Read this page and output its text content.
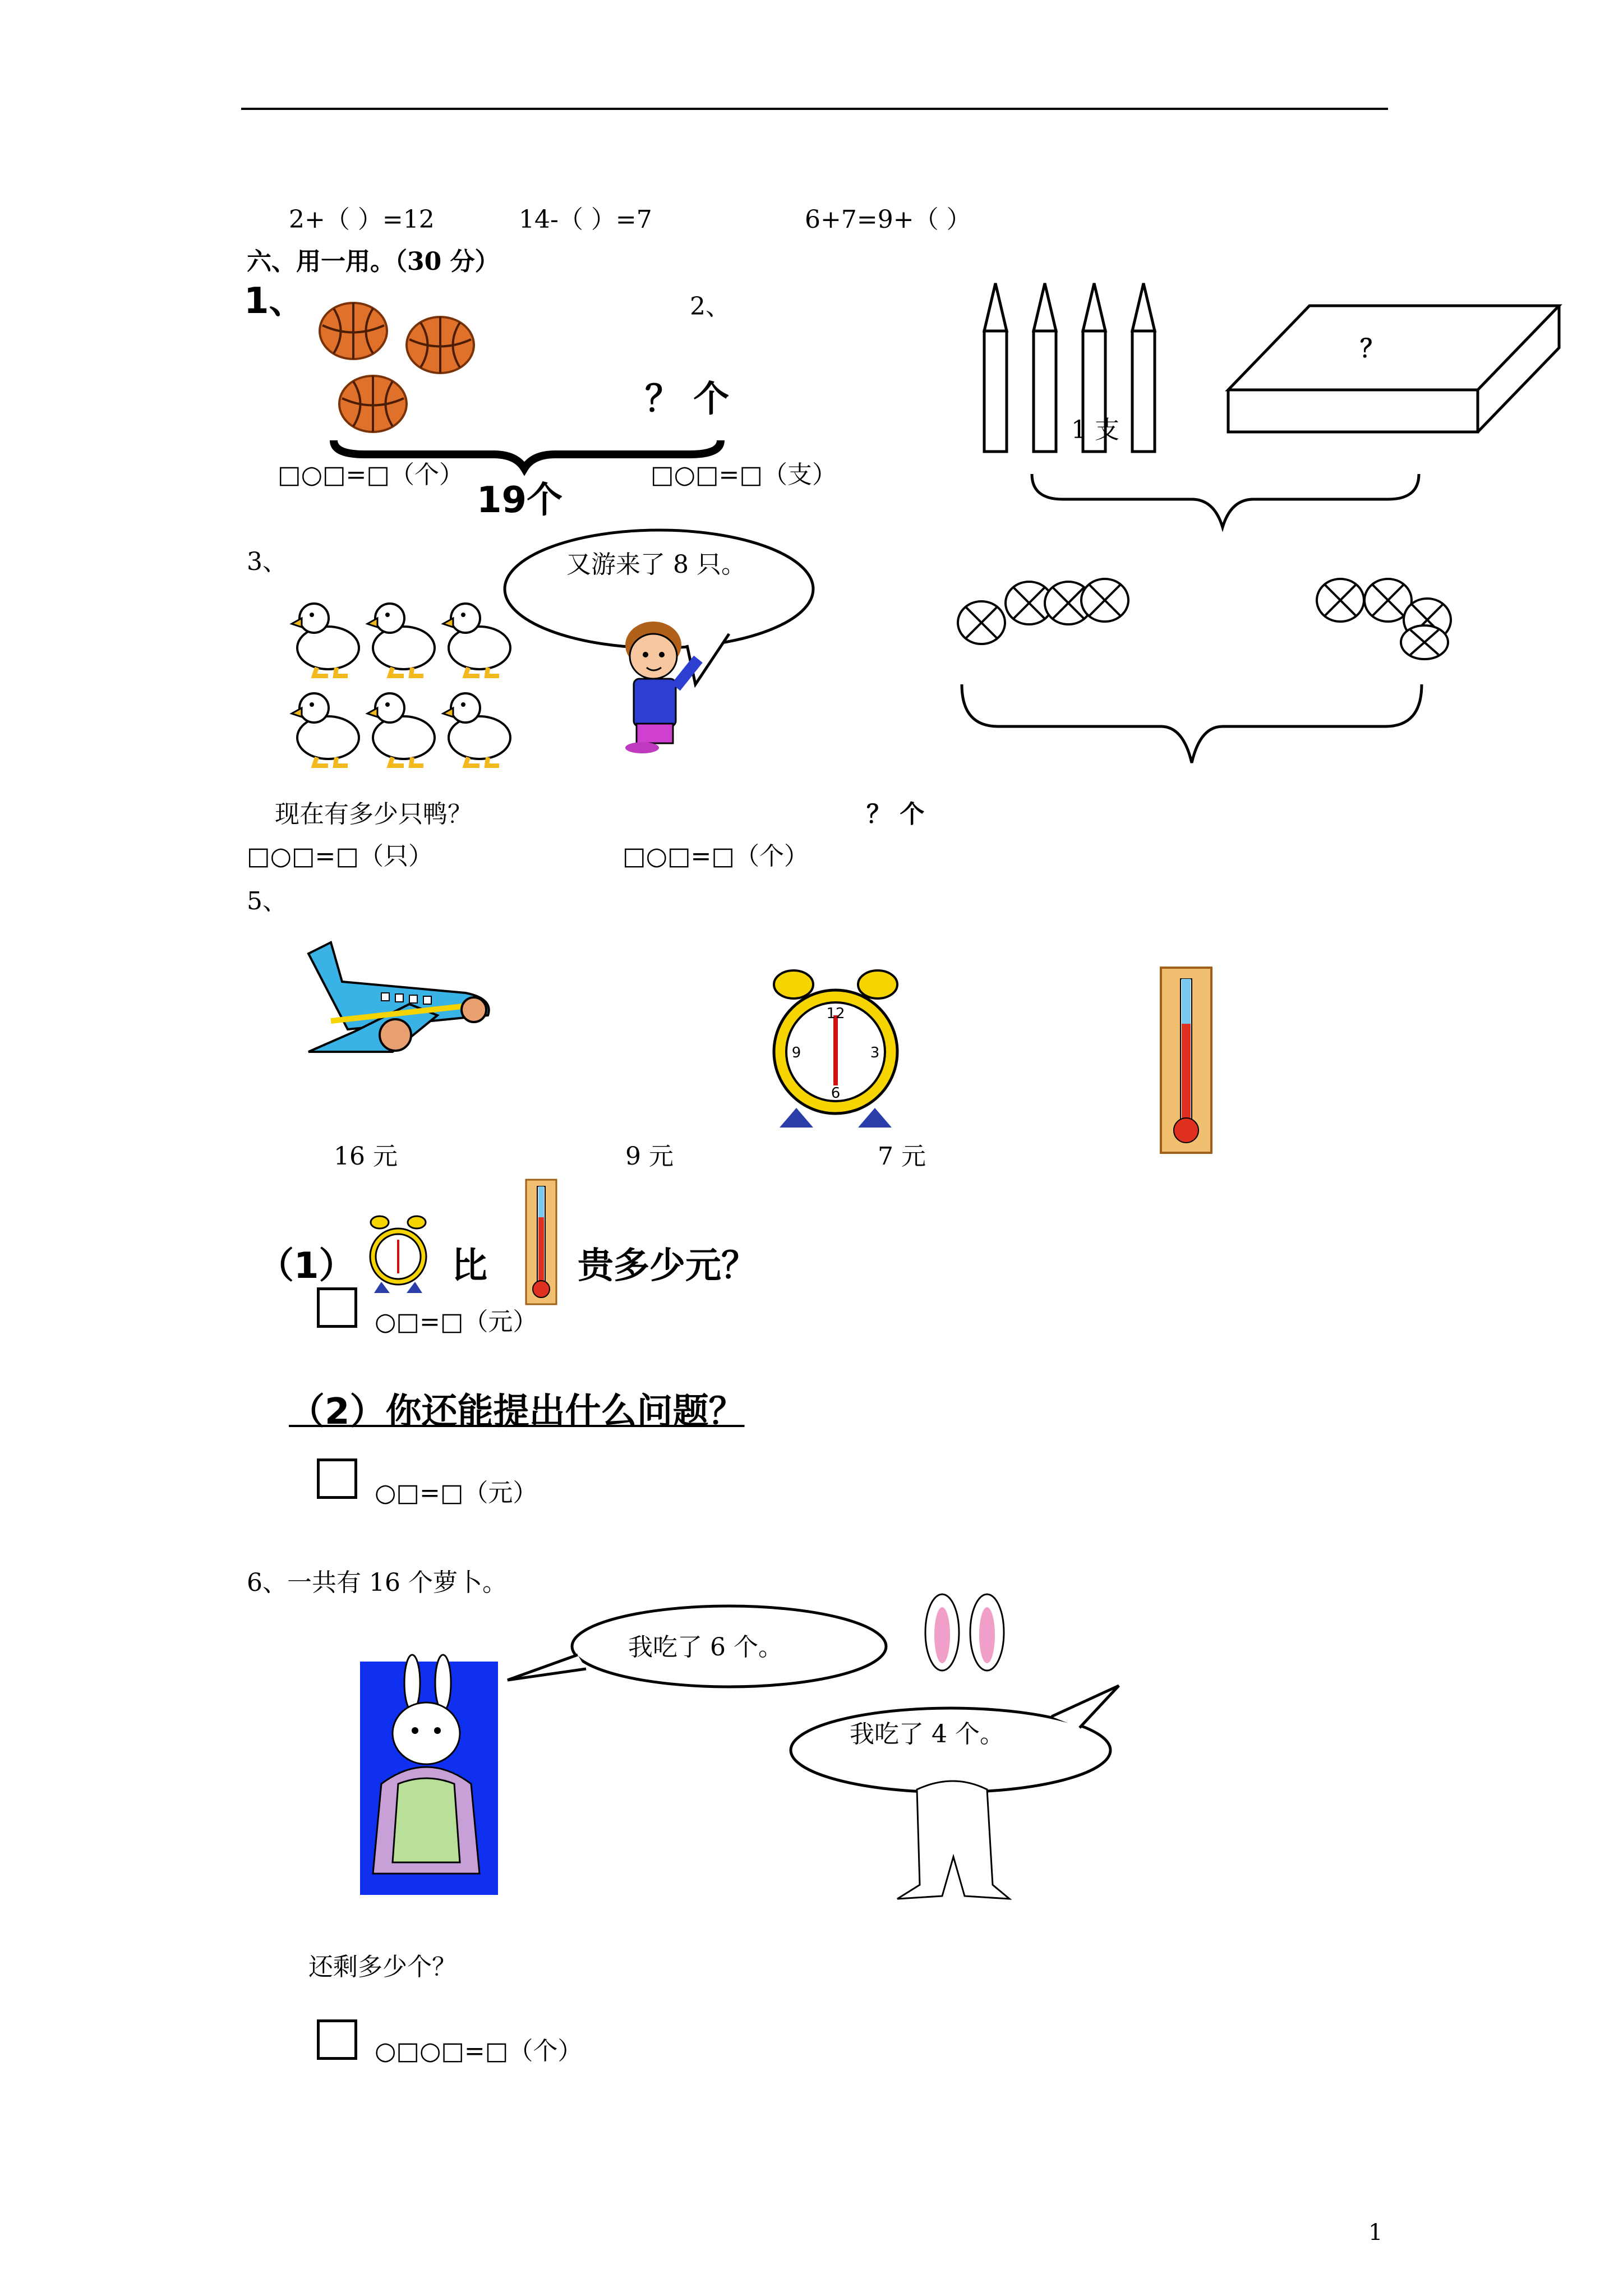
2+（ ）=12	14-（ ）=7	6+7=9+（ ）
六、用一用。（30 分）
1、
？ 个
□○□=□（个）
19个
2、
1 支
？
□○□=□（支）
3、	又游来了 8 只。
现在有多少只鸭？	？ 个
□○□=□（只）	□○□=□（个）
5、
12
6
9	3
16 元	9 元	7 元
（1）	比	贵多少元？
○□=□（元）
（2）你还能提出什么问题？
○□=□（元）
6、一共有 16 个萝卜。
我吃了 6 个。
我吃了 4 个。
还剩多少个？
○□○□=□（个）
1
